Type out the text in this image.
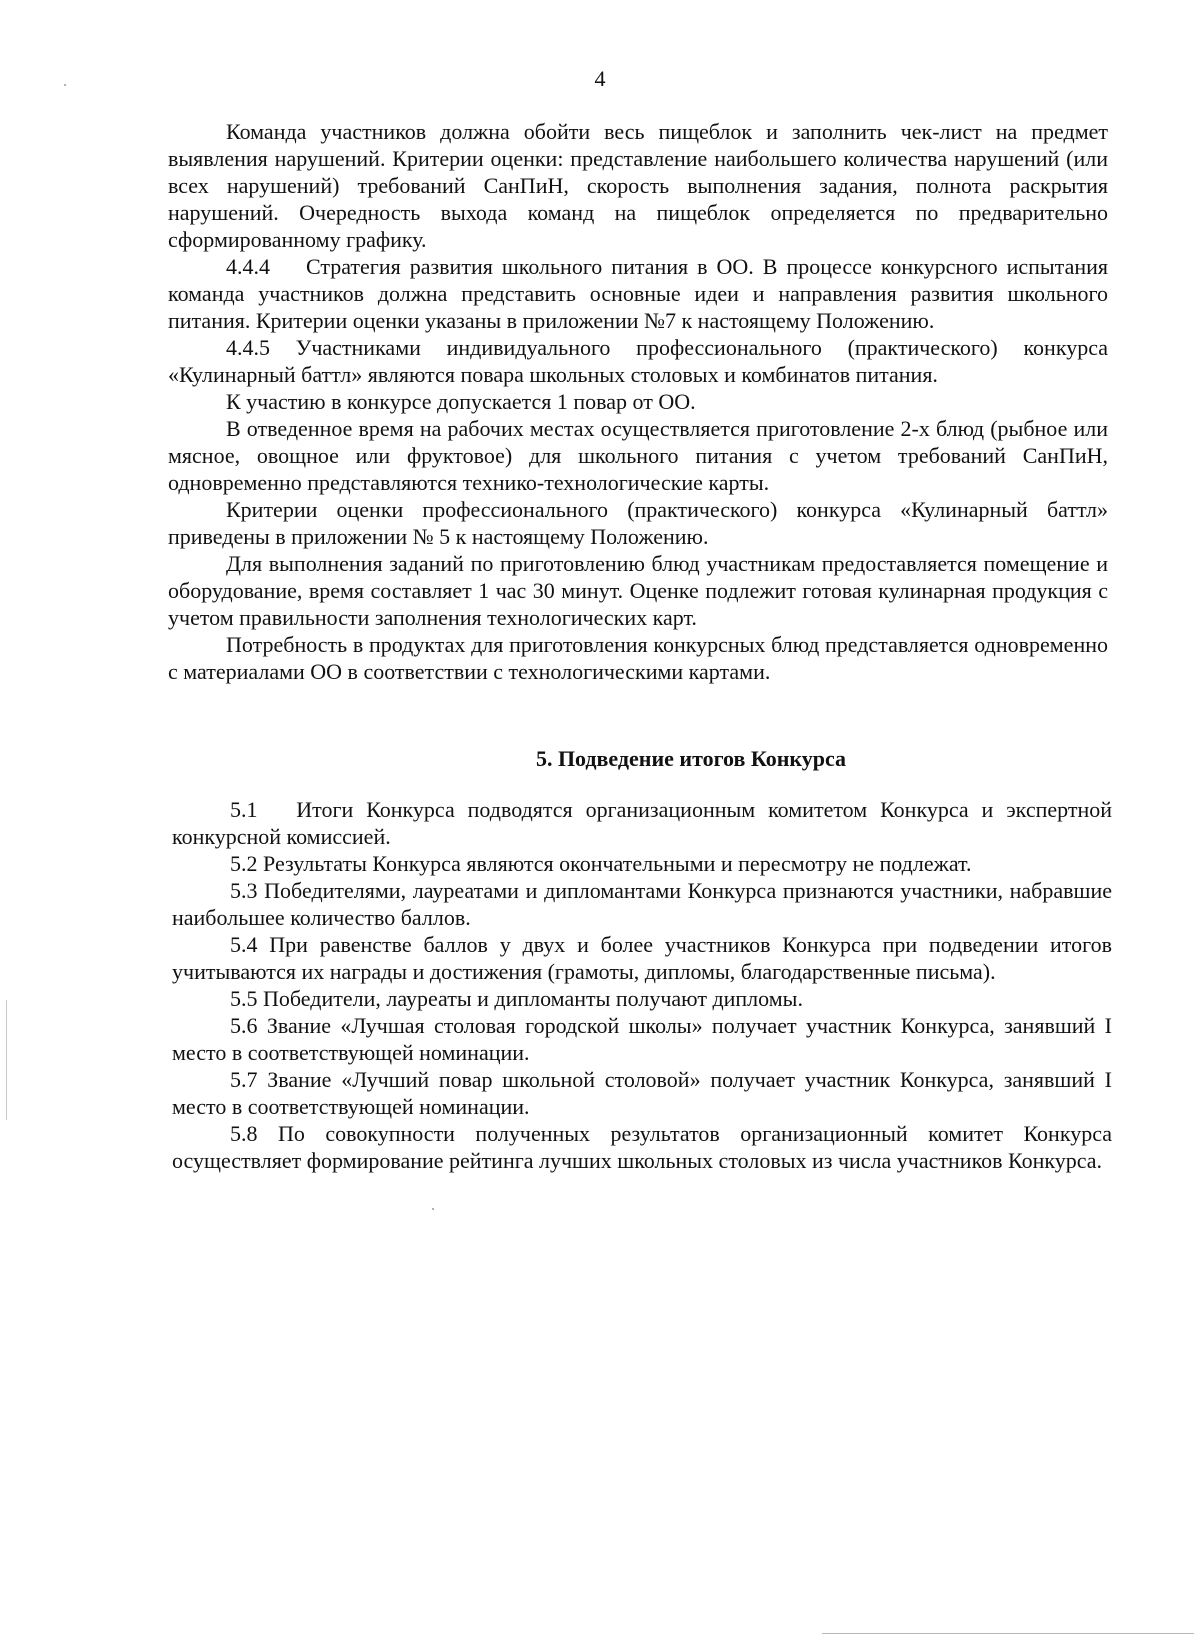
4

Команда участников должна обойти весь пищеблок и заполнить чек-лист на предмет выявления нарушений. Критерии оценки: представление наибольшего количества нарушений (или всех нарушений) требований СанПиН, скорость выполнения задания, полнота раскрытия нарушений. Очередность выхода команд на пищеблок определяется по предварительно сформированному графику.

4.4.4    Стратегия развития школьного питания в ОО. В процессе конкурсного испытания команда участников должна представить основные идеи и направления развития школьного питания. Критерии оценки указаны в приложении №7 к настоящему Положению.

4.4.5 Участниками индивидуального профессионального (практического) конкурса «Кулинарный баттл» являются повара школьных столовых и комбинатов питания.

К участию в конкурсе допускается 1 повар от ОО.

В отведенное время на рабочих местах осуществляется приготовление 2-х блюд (рыбное или мясное, овощное или фруктовое) для школьного питания с учетом требований СанПиН, одновременно представляются технико-технологические карты.

Критерии оценки профессионального (практического) конкурса «Кулинарный баттл» приведены в приложении № 5 к настоящему Положению.

Для выполнения заданий по приготовлению блюд участникам предоставляется помещение и оборудование, время составляет 1 час 30 минут. Оценке подлежит готовая кулинарная продукция с учетом правильности заполнения технологических карт.

Потребность в продуктах для приготовления конкурсных блюд представляется одновременно с материалами ОО в соответствии с технологическими картами.

5. Подведение итогов Конкурса

5.1   Итоги Конкурса подводятся организационным комитетом Конкурса и экспертной конкурсной комиссией.

5.2 Результаты Конкурса являются окончательными и пересмотру не подлежат.

5.3 Победителями, лауреатами и дипломантами Конкурса признаются участники, набравшие наибольшее количество баллов.

5.4 При равенстве баллов у двух и более участников Конкурса при подведении итогов учитываются их награды и достижения (грамоты, дипломы, благодарственные письма).

5.5 Победители, лауреаты и дипломанты получают дипломы.

5.6 Звание «Лучшая столовая городской школы» получает участник Конкурса, занявший I место в соответствующей номинации.

5.7 Звание «Лучший повар школьной столовой» получает участник Конкурса, занявший I место в соответствующей номинации.

5.8 По совокупности полученных результатов организационный комитет Конкурса осуществляет формирование рейтинга лучших школьных столовых из числа участников Конкурса.
